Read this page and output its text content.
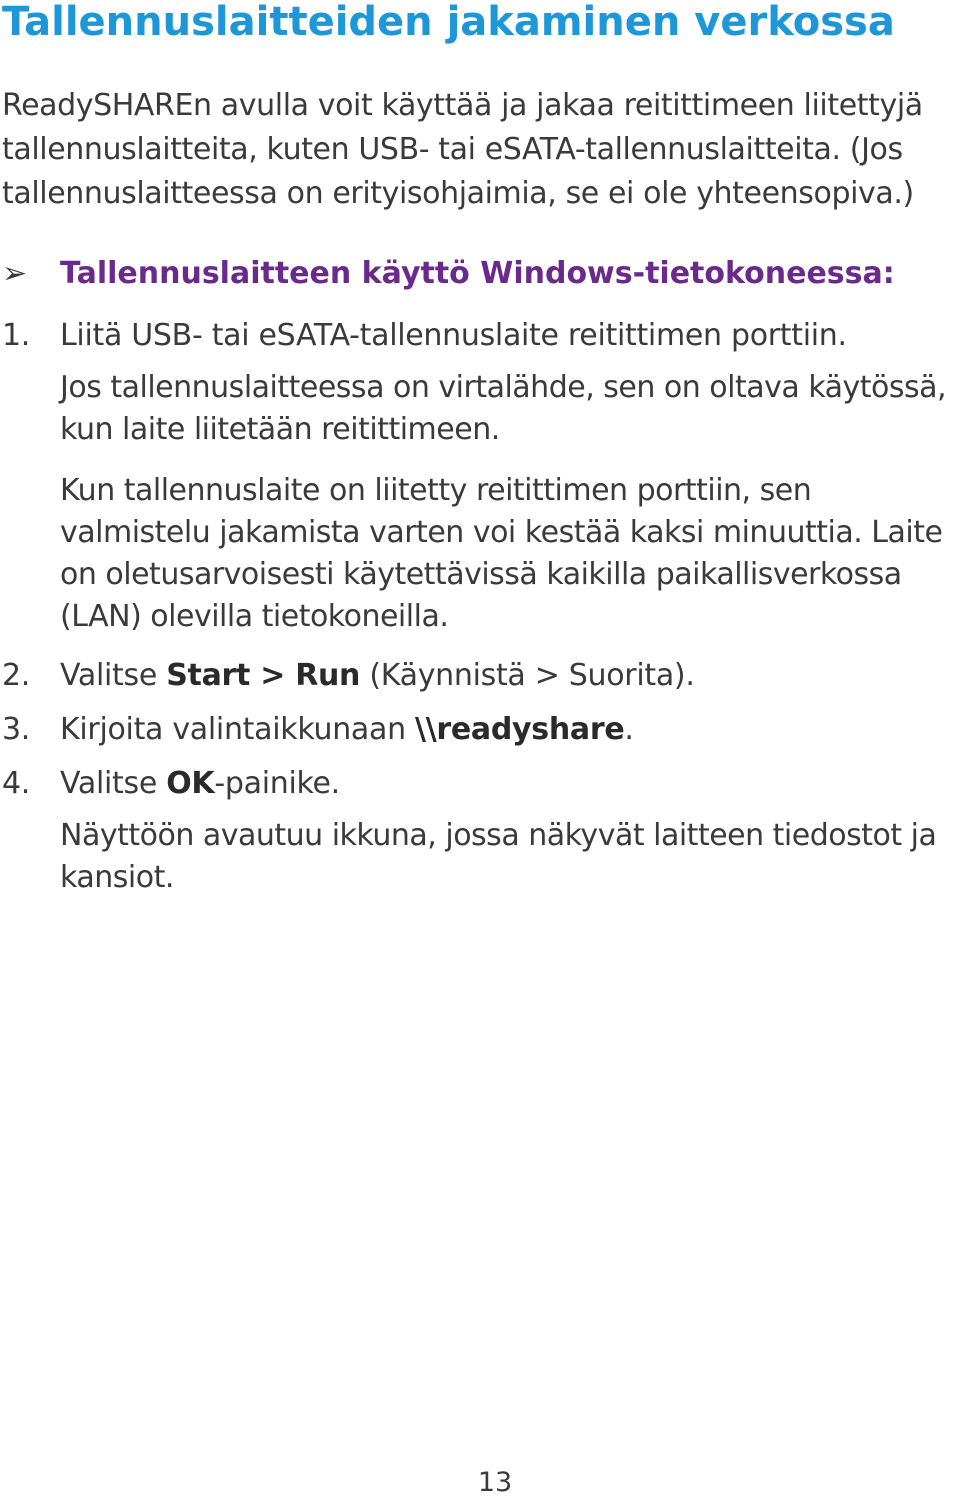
Tallennuslaitteiden jakaminen verkossa

ReadySHAREn avulla voit käyttää ja jakaa reitittimeen liitettyjä tallennuslaitteita, kuten USB- tai eSATA-tallennuslaitteita. (Jos tallennuslaitteessa on erityisohjaimia, se ei ole yhteensopiva.)

➢ Tallennuslaitteen käyttö Windows-tietokoneessa:

1. Liitä USB- tai eSATA-tallennuslaite reitittimen porttiin.

Jos tallennuslaitteessa on virtalähde, sen on oltava käytössä, kun laite liitetään reitittimeen.

Kun tallennuslaite on liitetty reitittimen porttiin, sen valmistelu jakamista varten voi kestää kaksi minuuttia. Laite on oletusarvoisesti käytettävissä kaikilla paikallisverkossa (LAN) olevilla tietokoneilla.

2. Valitse Start > Run (Käynnistä > Suorita).

3. Kirjoita valintaikkunaan \\readyshare.

4. Valitse OK-painike.

Näyttöön avautuu ikkuna, jossa näkyvät laitteen tiedostot ja kansiot.

13
